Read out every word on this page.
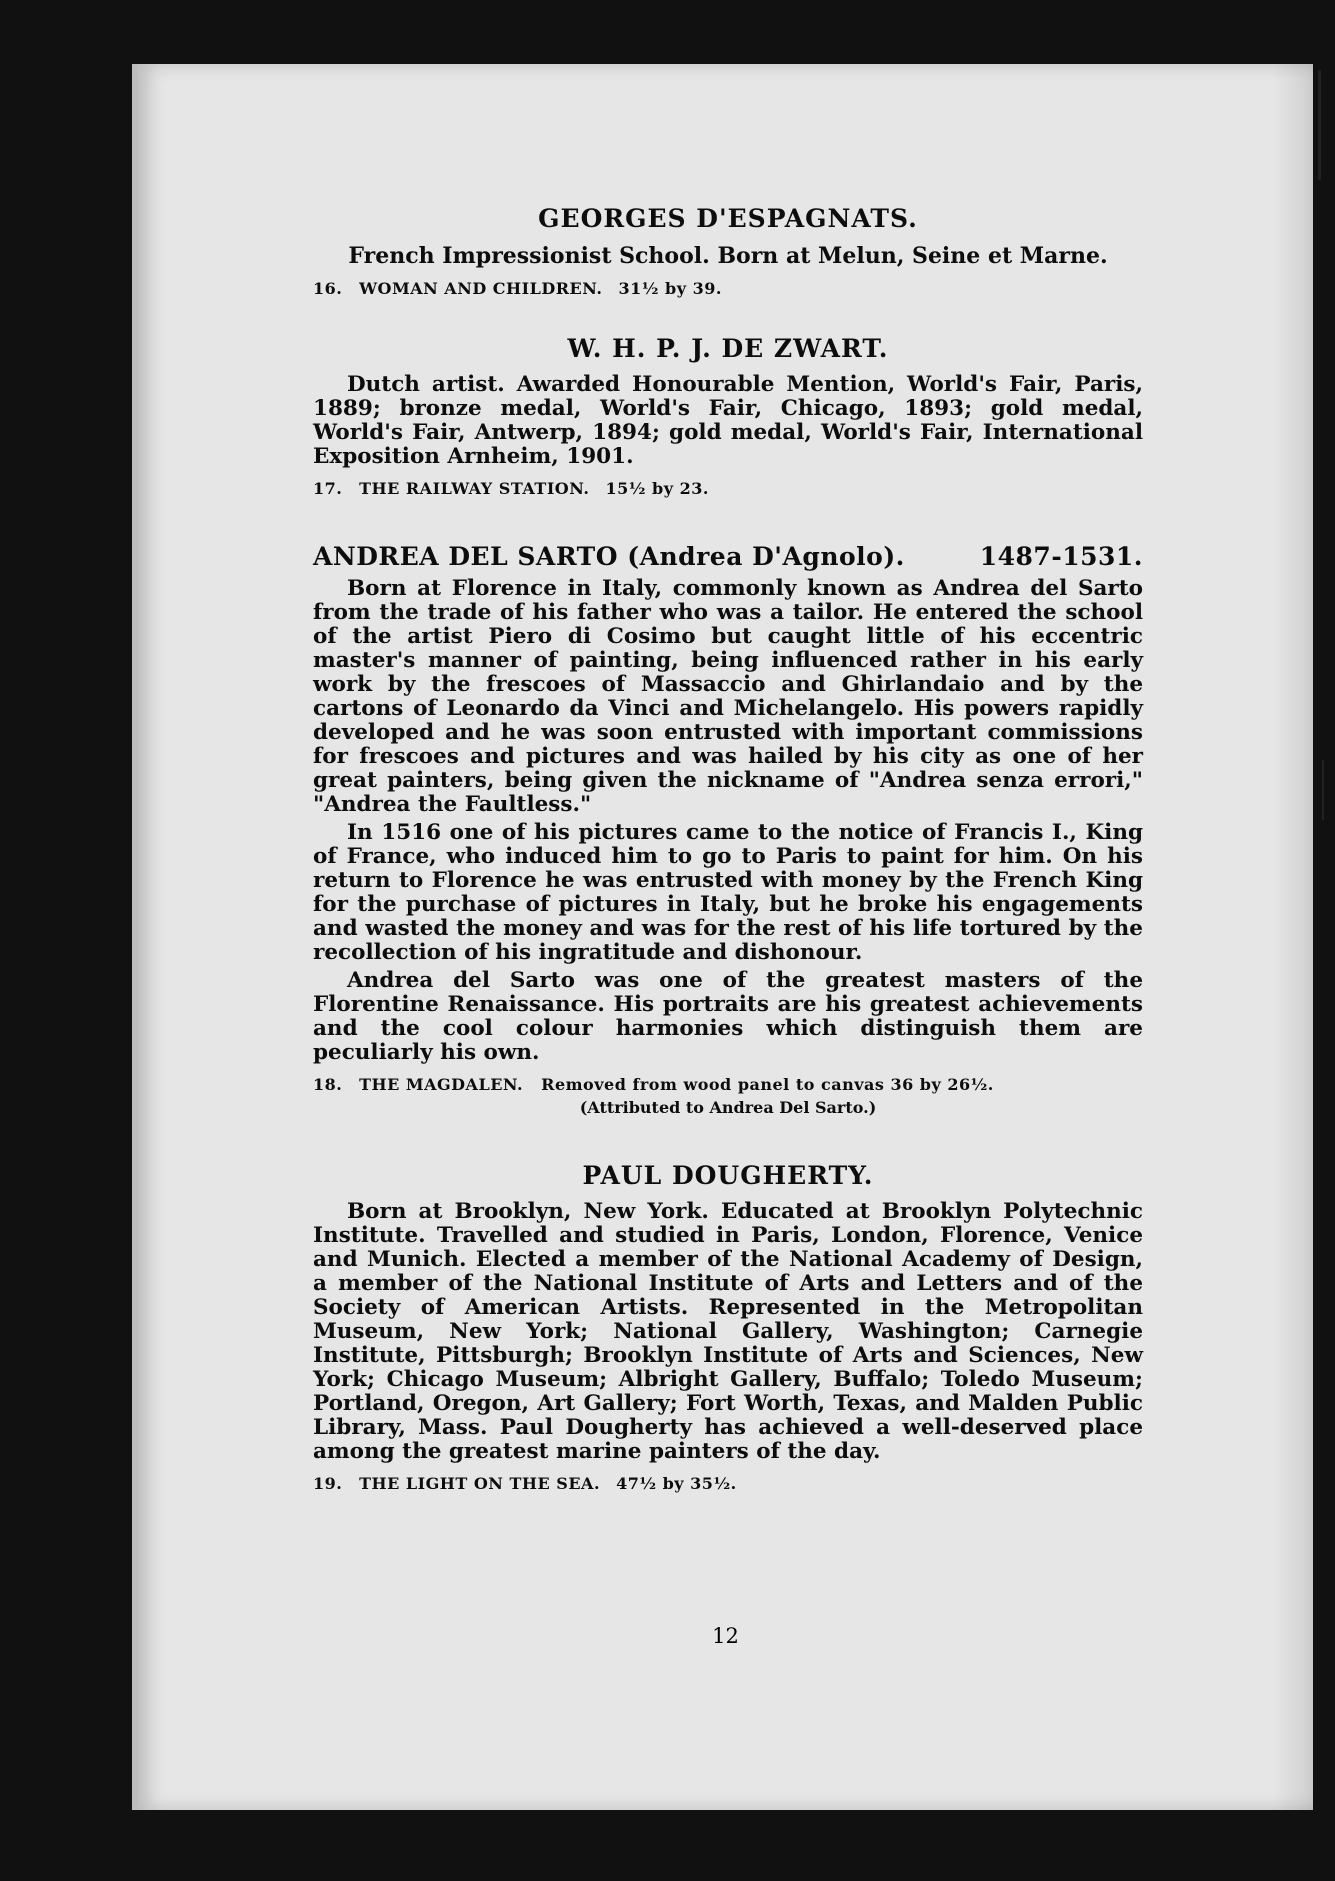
GEORGES D'ESPAGNATS.

French Impressionist School. Born at Melun, Seine et Marne.

16. WOMAN AND CHILDREN. 31½ by 39.
W. H. P. J. DE ZWART.

Dutch artist. Awarded Honourable Mention, World's Fair, Paris, 1889; bronze medal, World's Fair, Chicago, 1893; gold medal, World's Fair, Antwerp, 1894; gold medal, World's Fair, International Exposition Arnheim, 1901.

17. THE RAILWAY STATION. 15½ by 23.
ANDREA DEL SARTO (Andrea D'Agnolo).	1487-1531.

Born at Florence in Italy, commonly known as Andrea del Sarto from the trade of his father who was a tailor. He entered the school of the artist Piero di Cosimo but caught little of his eccentric master's manner of painting, being influenced rather in his early work by the frescoes of Massaccio and Ghirlandaio and by the cartons of Leonardo da Vinci and Michelangelo. His powers rapidly developed and he was soon entrusted with important commissions for frescoes and pictures and was hailed by his city as one of her great painters, being given the nickname of "Andrea senza errori," "Andrea the Faultless."

In 1516 one of his pictures came to the notice of Francis I., King of France, who induced him to go to Paris to paint for him. On his return to Florence he was entrusted with money by the French King for the purchase of pictures in Italy, but he broke his engagements and wasted the money and was for the rest of his life tortured by the recollection of his ingratitude and dishonour.

Andrea del Sarto was one of the greatest masters of the Florentine Renaissance. His portraits are his greatest achievements and the cool colour harmonies which distinguish them are peculiarly his own.

18. THE MAGDALEN. Removed from wood panel to canvas 36 by 26½.
(Attributed to Andrea Del Sarto.)
PAUL DOUGHERTY.

Born at Brooklyn, New York. Educated at Brooklyn Polytechnic Institute. Travelled and studied in Paris, London, Florence, Venice and Munich. Elected a member of the National Academy of Design, a member of the National Institute of Arts and Letters and of the Society of American Artists. Represented in the Metropolitan Museum, New York; National Gallery, Washington; Carnegie Institute, Pittsburgh; Brooklyn Institute of Arts and Sciences, New York; Chicago Museum; Albright Gallery, Buffalo; Toledo Museum; Portland, Oregon, Art Gallery; Fort Worth, Texas, and Malden Public Library, Mass. Paul Dougherty has achieved a well-deserved place among the greatest marine painters of the day.

19. THE LIGHT ON THE SEA. 47½ by 35½.
12
